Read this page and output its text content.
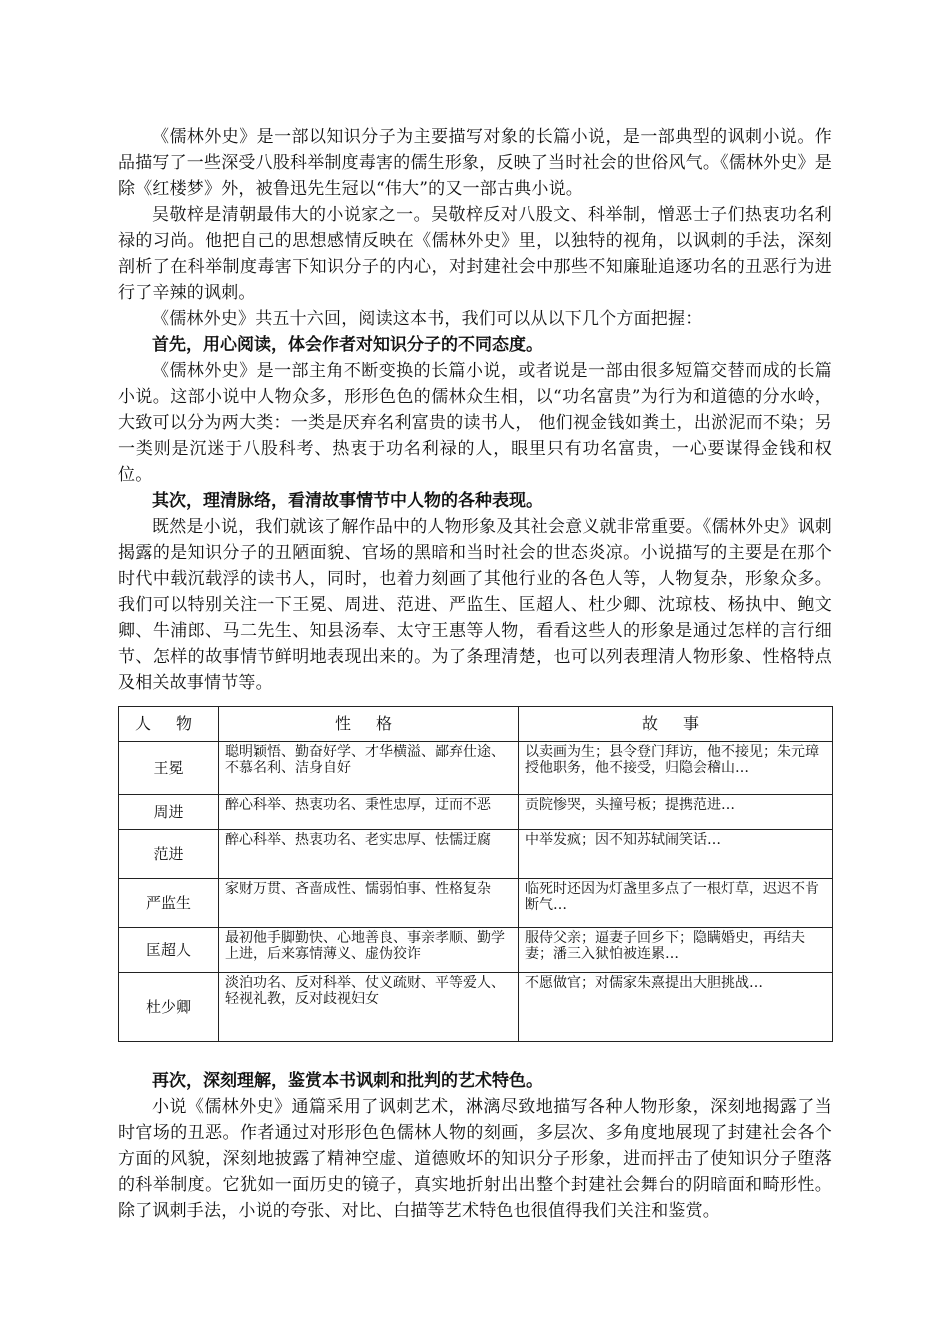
《儒林外史》是一部以知识分子为主要描写对象的长篇小说，是一部典型的讽刺小说。作品描写了一些深受八股科举制度毒害的儒生形象，反映了当时社会的世俗风气。《儒林外史》是除《红楼梦》外，被鲁迅先生冠以“伟大”的又一部古典小说。

吴敬梓是清朝最伟大的小说家之一。吴敬梓反对八股文、科举制，憎恶士子们热衷功名利禄的习尚。他把自己的思想感情反映在《儒林外史》里，以独特的视角，以讽刺的手法，深刻剖析了在科举制度毒害下知识分子的内心，对封建社会中那些不知廉耻追逐功名的丑恶行为进行了辛辣的讽刺。

《儒林外史》共五十六回，阅读这本书，我们可以从以下几个方面把握：

首先，用心阅读，体会作者对知识分子的不同态度。

《儒林外史》是一部主角不断变换的长篇小说，或者说是一部由很多短篇交替而成的长篇小说。这部小说中人物众多，形形色色的儒林众生相，以“功名富贵”为行为和道德的分水岭，大致可以分为两大类：一类是厌弃名利富贵的读书人， 他们视金钱如粪土，出淤泥而不染；另一类则是沉迷于八股科考、热衷于功名利禄的人，眼里只有功名富贵，一心要谋得金钱和权位。

其次，理清脉络，看清故事情节中人物的各种表现。

既然是小说，我们就该了解作品中的人物形象及其社会意义就非常重要。《儒林外史》讽刺揭露的是知识分子的丑陋面貌、官场的黑暗和当时社会的世态炎凉。小说描写的主要是在那个时代中载沉载浮的读书人，同时，也着力刻画了其他行业的各色人等，人物复杂，形象众多。我们可以特别关注一下王冕、周进、范进、严监生、匡超人、杜少卿、沈琼枝、杨执中、鲍文卿、牛浦郎、马二先生、知县汤奉、太守王惠等人物，看看这些人的形象是通过怎样的言行细节、怎样的故事情节鲜明地表现出来的。为了条理清楚，也可以列表理清人物形象、性格特点及相关故事情节等。

人 物	性 格	故 事
王冕	聪明颖悟、勤奋好学、才华横溢、鄙弃仕途、不慕名利、洁身自好	以卖画为生；县令登门拜访，他不接见；朱元璋授他职务，他不接受，归隐会稽山…
周进	醉心科举、热衷功名、秉性忠厚，迂而不恶	贡院惨哭，头撞号板；提携范进…
范进	醉心科举、热衷功名、老实忠厚、怯懦迂腐	中举发疯；因不知苏轼闹笑话…
严监生	家财万贯、吝啬成性、懦弱怕事、性格复杂	临死时还因为灯盏里多点了一根灯草，迟迟不肯断气…
匡超人	最初他手脚勤快、心地善良、事亲孝顺、勤学上进，后来寡情薄义、虚伪狡诈	服侍父亲；逼妻子回乡下；隐瞒婚史，再结夫妻；潘三入狱怕被连累…
杜少卿	淡泊功名、反对科举、仗义疏财、平等爱人、轻视礼教，反对歧视妇女	不愿做官；对儒家朱熹提出大胆挑战…

再次，深刻理解，鉴赏本书讽刺和批判的艺术特色。

小说《儒林外史》通篇采用了讽刺艺术，淋漓尽致地描写各种人物形象，深刻地揭露了当时官场的丑恶。作者通过对形形色色儒林人物的刻画，多层次、多角度地展现了封建社会各个方面的风貌，深刻地披露了精神空虚、道德败坏的知识分子形象，进而抨击了使知识分子堕落的科举制度。它犹如一面历史的镜子，真实地折射出出整个封建社会舞台的阴暗面和畸形性。除了讽刺手法，小说的夸张、对比、白描等艺术特色也很值得我们关注和鉴赏。
